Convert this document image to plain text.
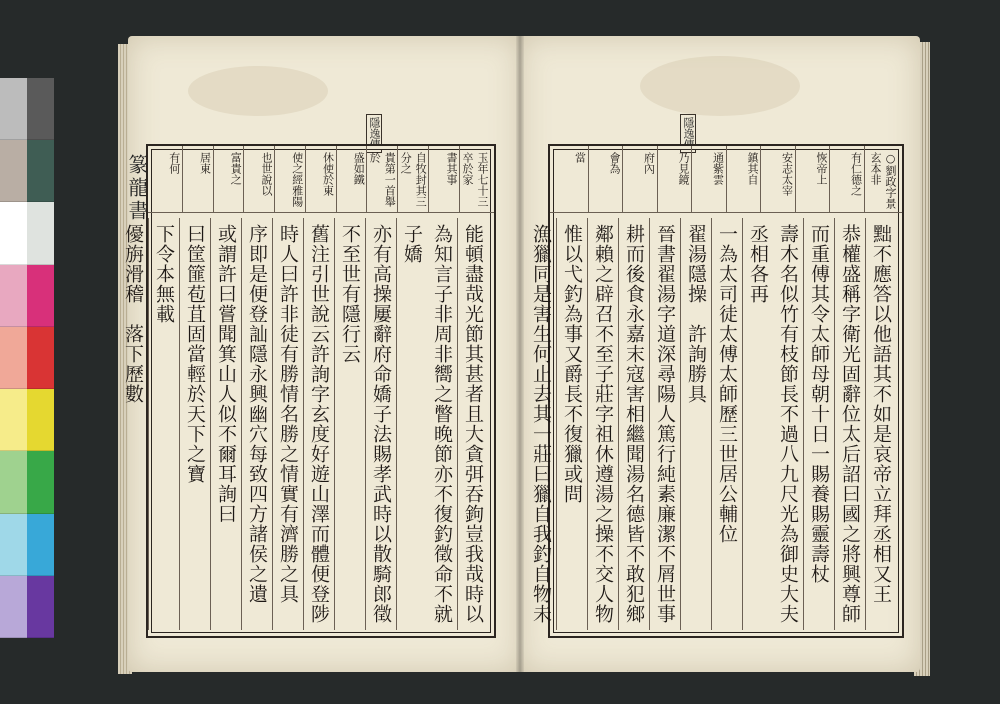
隱逸傳
篆龍書
隱逸傳
玉年七十三卒於家
書其事
自牧封其三分之
貴第一首舉於
盛如鐵
休使於東
使之經雅陽
也世說以
富貴之
居東
有何
能頓盡哉光節其甚者且大貪弭吞鉤豈我哉時以
為知言子非周非嚮之瞥晚節亦不復釣徵命不就子嬌
亦有高操屢辭府命嬌子法賜孝武時以散騎郎徵
不至世有隱行云
舊注引世說云許詢字玄度好遊山澤而體便登陟
時人曰許非徒有勝情名勝之情實有濟勝之具
序即是便登訕隱永興幽穴每致四方諸侯之遺
或謂許曰嘗聞箕山人似不爾耳詢曰
曰筐篚苞苴固當輕於天下之寶
下令本無載
優旃滑稽　落下歷數
○劉政字景玄本非
有仁德之
恢帝上
安志太宰
鎮其自
通紫雲
乃見鏡
府內
會為
當
黜不應答以他語其不如是哀帝立拜丞相又王
恭權盛稱字衛光固辭位太后詔曰國之將興尊師
而重傅其令太師母朝十日一賜養賜靈壽杖
壽木名似竹有枝節長不過八九尺光為御史大夫丞相各再
一為太司徒太傅太師歷三世居公輔位
翟湯隱操　許詢勝具
晉書翟湯字道深尋陽人篤行純素廉潔不屑世事
耕而後食永嘉末寇害相繼聞湯名德皆不敢犯鄉
鄰賴之辟召不至子莊字祖休遵湯之操不交人物
惟以弋釣為事又爵長不復獵或問
漁獵同是害生何止去其一莊曰獵自我釣自物未
